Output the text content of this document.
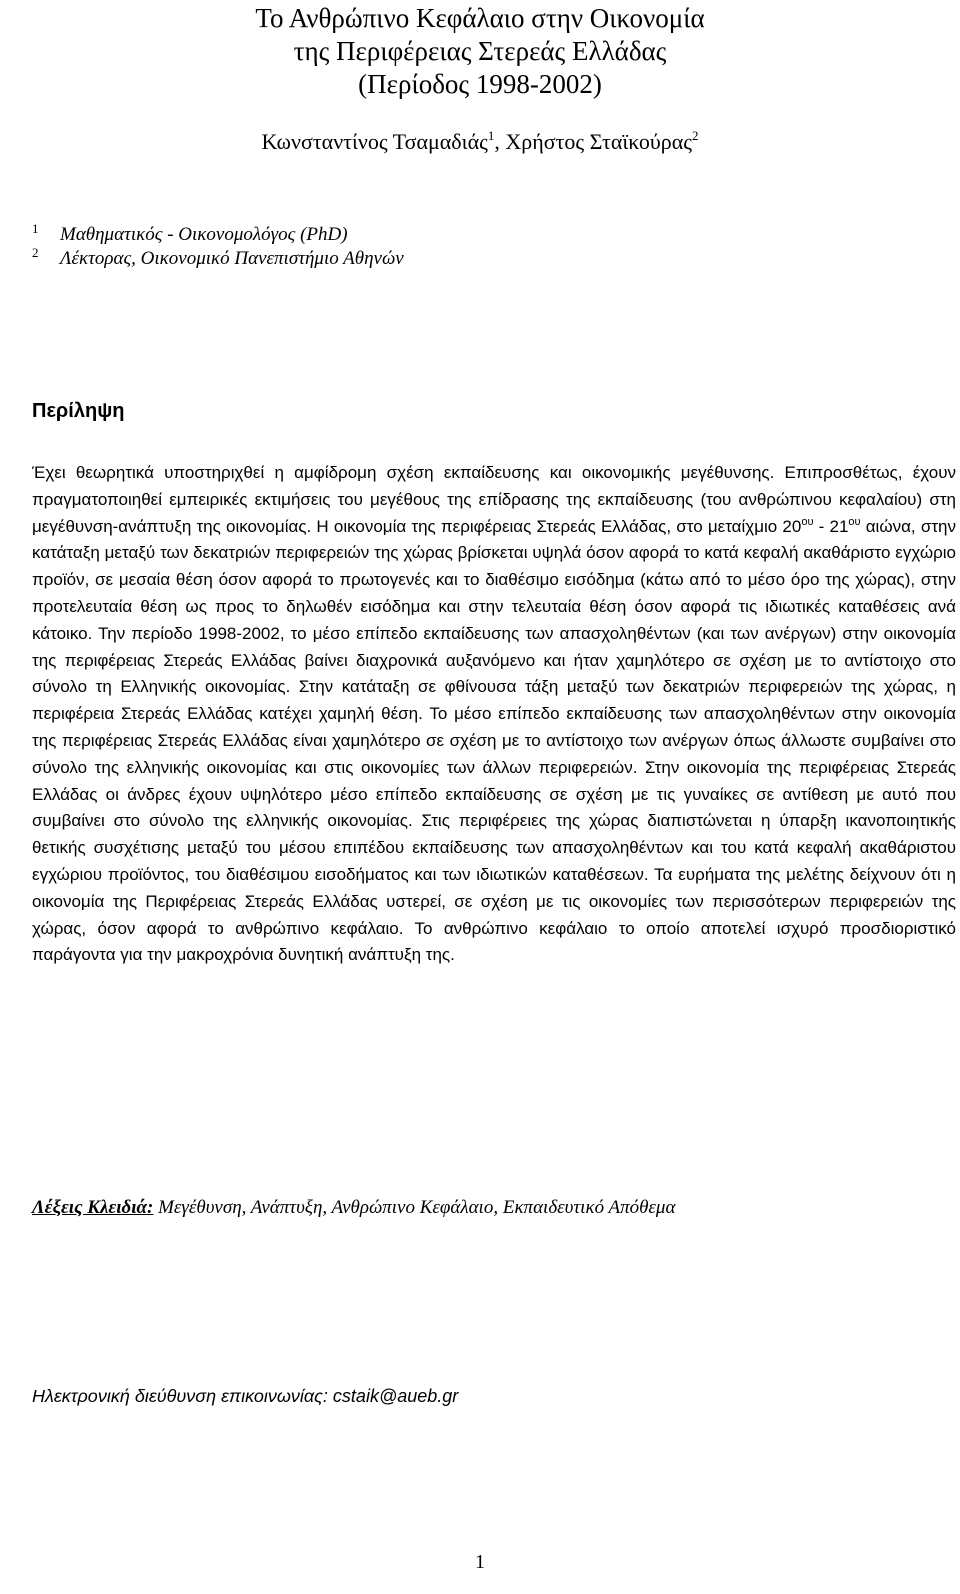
Το Ανθρώπινο Κεφάλαιο στην Οικονομία
της Περιφέρειας Στερεάς Ελλάδας
(Περίοδος 1998-2002)
Κωνσταντίνος Τσαμαδιάς$^1$, Χρήστος Σταϊκούρας$^2$
1 Μαθηματικός - Οικονομολόγος (PhD)
2 Λέκτορας, Οικονομικό Πανεπιστήμιο Αθηνών
Περίληψη

Έχει θεωρητικά υποστηριχθεί η αμφίδρομη σχέση εκπαίδευσης και οικονομικής μεγέθυνσης. Επιπροσθέτως, έχουν πραγματοποιηθεί εμπειρικές εκτιμήσεις του μεγέθους της επίδρασης της εκπαίδευσης (του ανθρώπινου κεφαλαίου) στη μεγέθυνση-ανάπτυξη της οικονομίας. Η οικονομία της περιφέρειας Στερεάς Ελλάδας, στο μεταίχμιο $20^{o\upsilon} - 21^{o\upsilon}$ αιώνα, στην κατάταξη μεταξύ των δεκατριών περιφερειών της χώρας βρίσκεται υψηλά όσον αφορά το κατά κεφαλή ακαθάριστο εγχώριο προϊόν, σε μεσαία θέση όσον αφορά το πρωτογενές και το διαθέσιμο εισόδημα (κάτω από το μέσο όρο της χώρας), στην προτελευταία θέση ως προς το δηλωθέν εισόδημα και στην τελευταία θέση όσον αφορά τις ιδιωτικές καταθέσεις ανά κάτοικο. Την περίοδο 1998-2002, το μέσο επίπεδο εκπαίδευσης των απασχοληθέντων (και των ανέργων) στην οικονομία της περιφέρειας Στερεάς Ελλάδας βαίνει διαχρονικά αυξανόμενο και ήταν χαμηλότερο σε σχέση με το αντίστοιχο στο σύνολο τη Ελληνικής οικονομίας. Στην κατάταξη σε φθίνουσα τάξη μεταξύ των δεκατριών περιφερειών της χώρας, η περιφέρεια Στερεάς Ελλάδας κατέχει χαμηλή θέση. Το μέσο επίπεδο εκπαίδευσης των απασχοληθέντων στην οικονομία της περιφέρειας Στερεάς Ελλάδας είναι χαμηλότερο σε σχέση με το αντίστοιχο των ανέργων όπως άλλωστε συμβαίνει στο σύνολο της ελληνικής οικονομίας και στις οικονομίες των άλλων περιφερειών. Στην οικονομία της περιφέρειας Στερεάς Ελλάδας οι άνδρες έχουν υψηλότερο μέσο επίπεδο εκπαίδευσης σε σχέση με τις γυναίκες σε αντίθεση με αυτό που συμβαίνει στο σύνολο της ελληνικής οικονομίας. Στις περιφέρειες της χώρας διαπιστώνεται η ύπαρξη ικανοποιητικής θετικής συσχέτισης μεταξύ του μέσου επιπέδου εκπαίδευσης των απασχοληθέντων και του κατά κεφαλή ακαθάριστου εγχώριου προϊόντος, του διαθέσιμου εισοδήματος και των ιδιωτικών καταθέσεων. Τα ευρήματα της μελέτης δείχνουν ότι η οικονομία της Περιφέρειας Στερεάς Ελλάδας υστερεί, σε σχέση με τις οικονομίες των περισσότερων περιφερειών της χώρας, όσον αφορά το ανθρώπινο κεφάλαιο. Το ανθρώπινο κεφάλαιο το οποίο αποτελεί ισχυρό προσδιοριστικό παράγοντα για την μακροχρόνια δυνητική ανάπτυξη της.

Λέξεις Κλειδιά: Μεγέθυνση, Ανάπτυξη, Ανθρώπινο Κεφάλαιο, Εκπαιδευτικό Απόθεμα
Ηλεκτρονική διεύθυνση επικοινωνίας: cstaik@aueb.gr
1
